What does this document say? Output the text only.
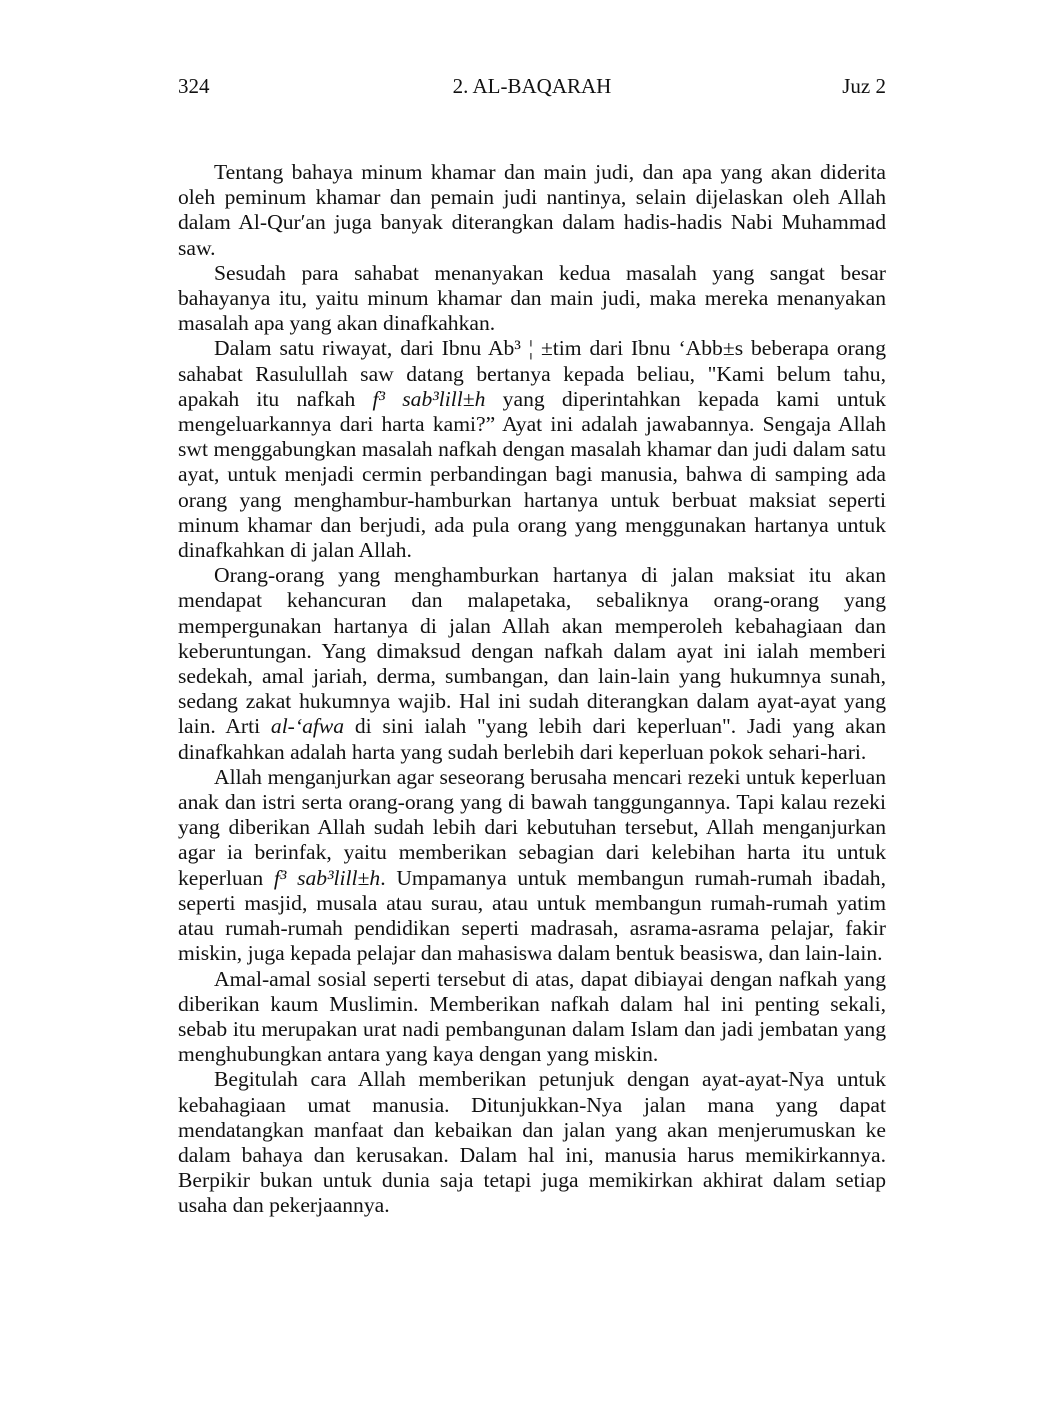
324	2. AL-BAQARAH	Juz 2

Tentang bahaya minum khamar dan main judi, dan apa yang akan diderita oleh peminum khamar dan pemain judi nantinya, selain dijelaskan oleh Allah dalam Al-Qur′an juga banyak diterangkan dalam hadis-hadis Nabi Muhammad saw.

Sesudah para sahabat menanyakan kedua masalah yang sangat besar bahayanya itu, yaitu minum khamar dan main judi, maka mereka menanyakan masalah apa yang akan dinafkahkan.

Dalam satu riwayat, dari Ibnu Ab³ ¦ ±tim dari Ibnu ‘Abb±s beberapa orang sahabat Rasulullah saw datang bertanya kepada beliau, "Kami belum tahu, apakah itu nafkah f³ sab³lill±h yang diperintahkan kepada kami untuk mengeluarkannya dari harta kami?” Ayat ini adalah jawabannya. Sengaja Allah swt menggabungkan masalah nafkah dengan masalah khamar dan judi dalam satu ayat, untuk menjadi cermin perbandingan bagi manusia, bahwa di samping ada orang yang menghambur-hamburkan hartanya untuk berbuat maksiat seperti minum khamar dan berjudi, ada pula orang yang menggunakan hartanya untuk dinafkahkan di jalan Allah.

Orang-orang yang menghamburkan hartanya di jalan maksiat itu akan mendapat kehancuran dan malapetaka, sebaliknya orang-orang yang mempergunakan hartanya di jalan Allah akan memperoleh kebahagiaan dan keberuntungan. Yang dimaksud dengan nafkah dalam ayat ini ialah memberi sedekah, amal jariah, derma, sumbangan, dan lain-lain yang hukumnya sunah, sedang zakat hukumnya wajib. Hal ini sudah diterangkan dalam ayat-ayat yang lain. Arti al-‘afwa di sini ialah "yang lebih dari keperluan". Jadi yang akan dinafkahkan adalah harta yang sudah berlebih dari keperluan pokok sehari-hari.

Allah menganjurkan agar seseorang berusaha mencari rezeki untuk keperluan anak dan istri serta orang-orang yang di bawah tanggungannya. Tapi kalau rezeki yang diberikan Allah sudah lebih dari kebutuhan tersebut, Allah menganjurkan agar ia berinfak, yaitu memberikan sebagian dari kelebihan harta itu untuk keperluan f³ sab³lill±h. Umpamanya untuk membangun rumah-rumah ibadah, seperti masjid, musala atau surau, atau untuk membangun rumah-rumah yatim atau rumah-rumah pendidikan seperti madrasah, asrama-asrama pelajar, fakir miskin, juga kepada pelajar dan mahasiswa dalam bentuk beasiswa, dan lain-lain.

Amal-amal sosial seperti tersebut di atas, dapat dibiayai dengan nafkah yang diberikan kaum Muslimin. Memberikan nafkah dalam hal ini penting sekali, sebab itu merupakan urat nadi pembangunan dalam Islam dan jadi jembatan yang menghubungkan antara yang kaya dengan yang miskin.

Begitulah cara Allah memberikan petunjuk dengan ayat-ayat-Nya untuk kebahagiaan umat manusia. Ditunjukkan-Nya jalan mana yang dapat mendatangkan manfaat dan kebaikan dan jalan yang akan menjerumuskan ke dalam bahaya dan kerusakan. Dalam hal ini, manusia harus memikirkannya. Berpikir bukan untuk dunia saja tetapi juga memikirkan akhirat dalam setiap usaha dan pekerjaannya.
